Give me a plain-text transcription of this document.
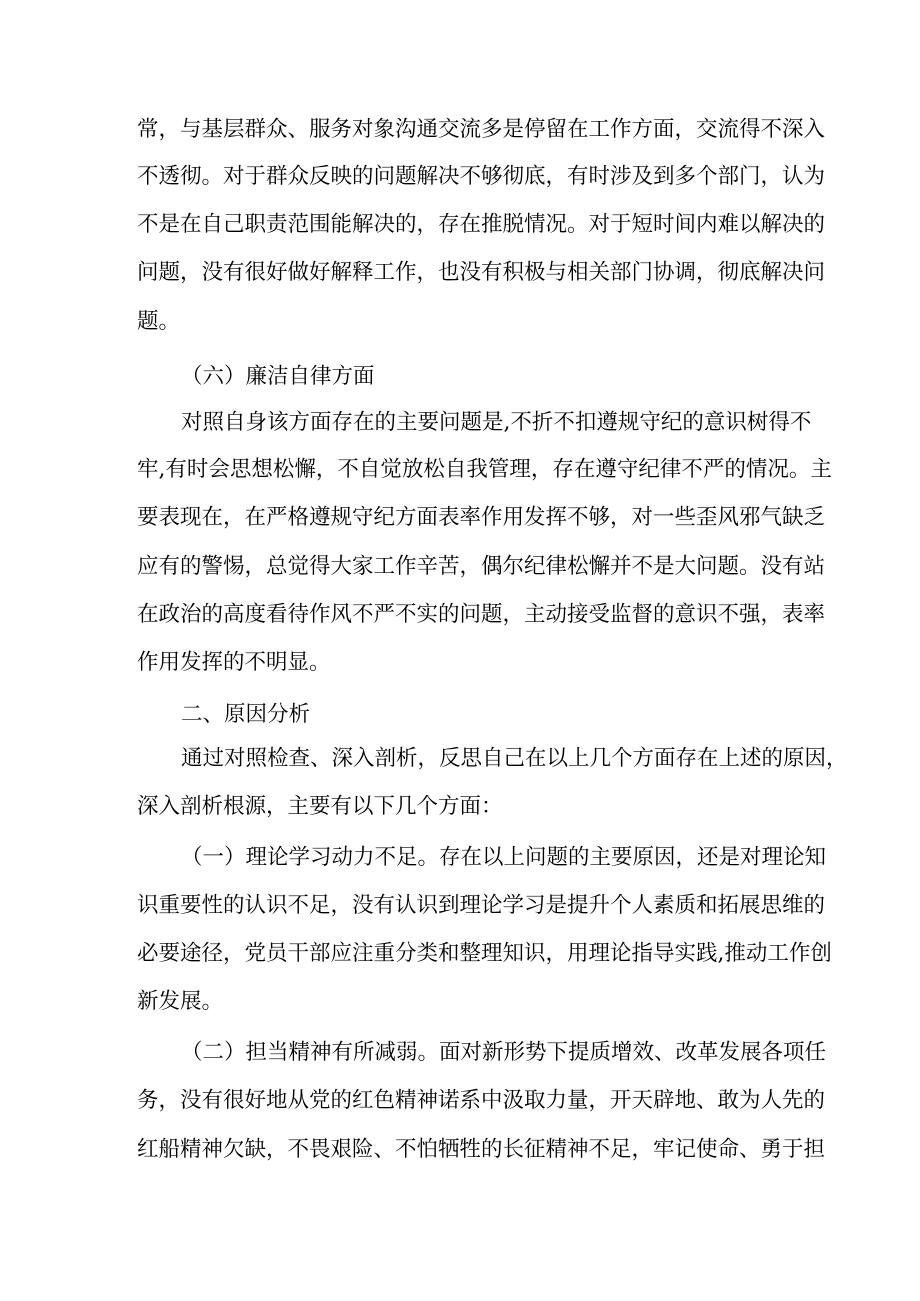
常，与基层群众、服务对象沟通交流多是停留在工作方面，交流得不深入
不透彻。对于群众反映的问题解决不够彻底，有时涉及到多个部门，认为
不是在自己职责范围能解决的，存在推脱情况。对于短时间内难以解决的
问题，没有很好做好解释工作，也没有积极与相关部门协调，彻底解决问
题。
（六）廉洁自律方面
对照自身该方面存在的主要问题是,不折不扣遵规守纪的意识树得不
牢,有时会思想松懈，不自觉放松自我管理，存在遵守纪律不严的情况。主
要表现在，在严格遵规守纪方面表率作用发挥不够，对一些歪风邪气缺乏
应有的警惕，总觉得大家工作辛苦，偶尔纪律松懈并不是大问题。没有站
在政治的高度看待作风不严不实的问题，主动接受监督的意识不强，表率
作用发挥的不明显。
二、原因分析
通过对照检查、深入剖析，反思自己在以上几个方面存在上述的原因，
深入剖析根源，主要有以下几个方面：
（一）理论学习动力不足。存在以上问题的主要原因，还是对理论知
识重要性的认识不足，没有认识到理论学习是提升个人素质和拓展思维的
必要途径，党员干部应注重分类和整理知识，用理论指导实践,推动工作创
新发展。
（二）担当精神有所减弱。面对新形势下提质增效、改革发展各项任
务，没有很好地从党的红色精神诺系中汲取力量，开天辟地、敢为人先的
红船精神欠缺，不畏艰险、不怕牺牲的长征精神不足，牢记使命、勇于担
